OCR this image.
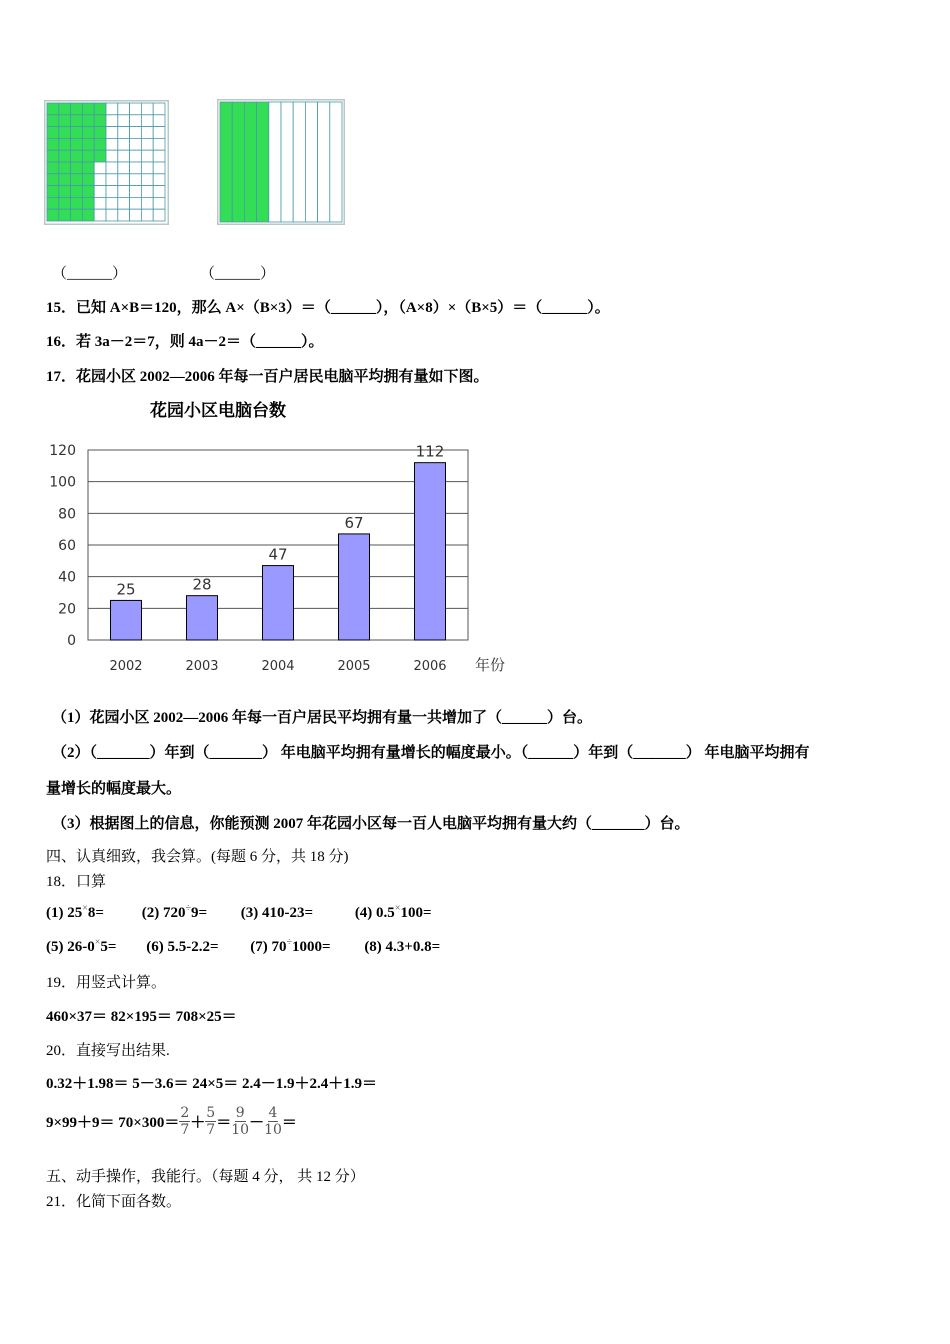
（______）	（______）
15．已知 A×B＝120，那么 A×（B×3）＝（______），（A×8）×（B×5）＝（______）。
16．若 3a－2＝7，则 4a－2＝（______）。
17．花园小区 2002—2006 年每一百户居民电脑平均拥有量如下图。
花园小区电脑台数
0
20
40
60
80
100
120
25
2002
28
2003
47
2004
67
2005
112
2006 年份
（1）花园小区 2002—2006 年每一百户居民平均拥有量一共增加了（______）台。
（2）（_______）年到（_______） 年电脑平均拥有量增长的幅度最小。（______）年到（_______） 年电脑平均拥有
量增长的幅度最大。
（3）根据图上的信息，你能预测 2007 年花园小区每一百人电脑平均拥有量大约（_______）台。
四、认真细致，我会算。(每题 6 分，共 18 分)
18．口算
(1) 25×8=	(2) 720÷9= (3) 410-23=	(4) 0.5×100=
(5) 26-0×5= (6) 5.5-2.2= (7) 70÷1000= (8) 4.3+0.8=
19．用竖式计算。
460×37＝ 82×195＝ 708×25＝
20．直接写出结果.
0.32＋1.98＝ 5－3.6＝ 24×5＝ 2.4－1.9＋2.4＋1.9＝
$9\times 99+9= 70\times 300= \frac{2}{7} + \frac{5}{7} = \frac{9}{10} - \frac{4}{10}$ ＝
五、动手操作，我能行。（每题 4 分， 共 12 分）
21．化简下面各数。
